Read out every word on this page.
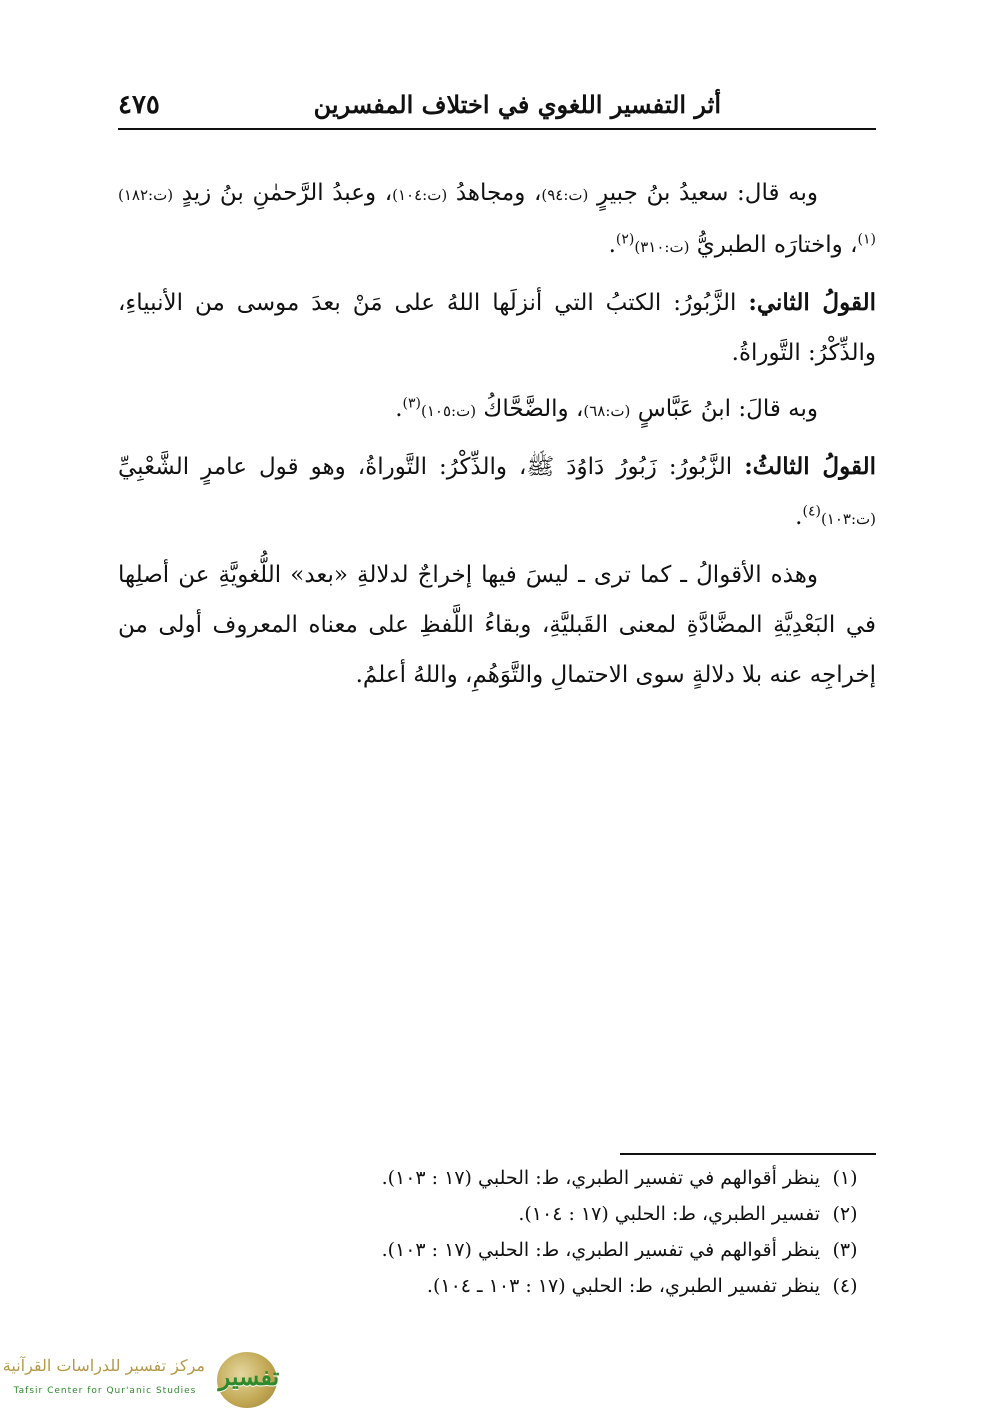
٤٧٥	أثر التفسير اللغوي في اختلاف المفسرين

وبه قال: سعيدُ بنُ جبيرٍ (ت:٩٤)، ومجاهدُ (ت:١٠٤)، وعبدُ الرَّحمٰنِ بنُ زيدٍ (ت:١٨٢)$^{(١)}$، واختارَه الطبريُّ (ت:٣١٠)$^{(٢)}$.

القولُ الثاني: الزَّبُورُ: الكتبُ التي أنزلَها اللهُ على مَنْ بعدَ موسى من الأنبياءِ، والذِّكْرُ: التَّوراةُ.

وبه قالَ: ابنُ عَبَّاسٍ (ت:٦٨)، والضَّحَّاكُ (ت:١٠٥)$^{(٣)}$.

القولُ الثالثُ: الزَّبُورُ: زَبُورُ دَاوُدَ ﷺ، والذِّكْرُ: التَّوراةُ، وهو قول عامرٍ الشَّعْبِيِّ (ت:١٠٣)$^{(٤)}$.

وهذه الأقوالُ ـ كما ترى ـ ليسَ فيها إخراجٌ لدلالةِ «بعد» اللُّغويَّةِ عن أصلِها في البَعْدِيَّةِ المضَّادَّةِ لمعنى القَبليَّةِ، وبقاءُ اللَّفظِ على معناه المعروف أولى من إخراجِه عنه بلا دلالةٍ سوى الاحتمالِ والتَّوَهُمِ، واللهُ أعلمُ.

(١)ينظر أقوالهم في تفسير الطبري، ط: الحلبي (١٧ : ١٠٣).
(٢)تفسير الطبري، ط: الحلبي (١٧ : ١٠٤).
(٣)ينظر أقوالهم في تفسير الطبري، ط: الحلبي (١٧ : ١٠٣).
(٤)ينظر تفسير الطبري، ط: الحلبي (١٧ : ١٠٣ ـ ١٠٤).
تفسير
مركز تفسير للدراسات القرآنية
Tafsir Center for Qur'anic Studies
